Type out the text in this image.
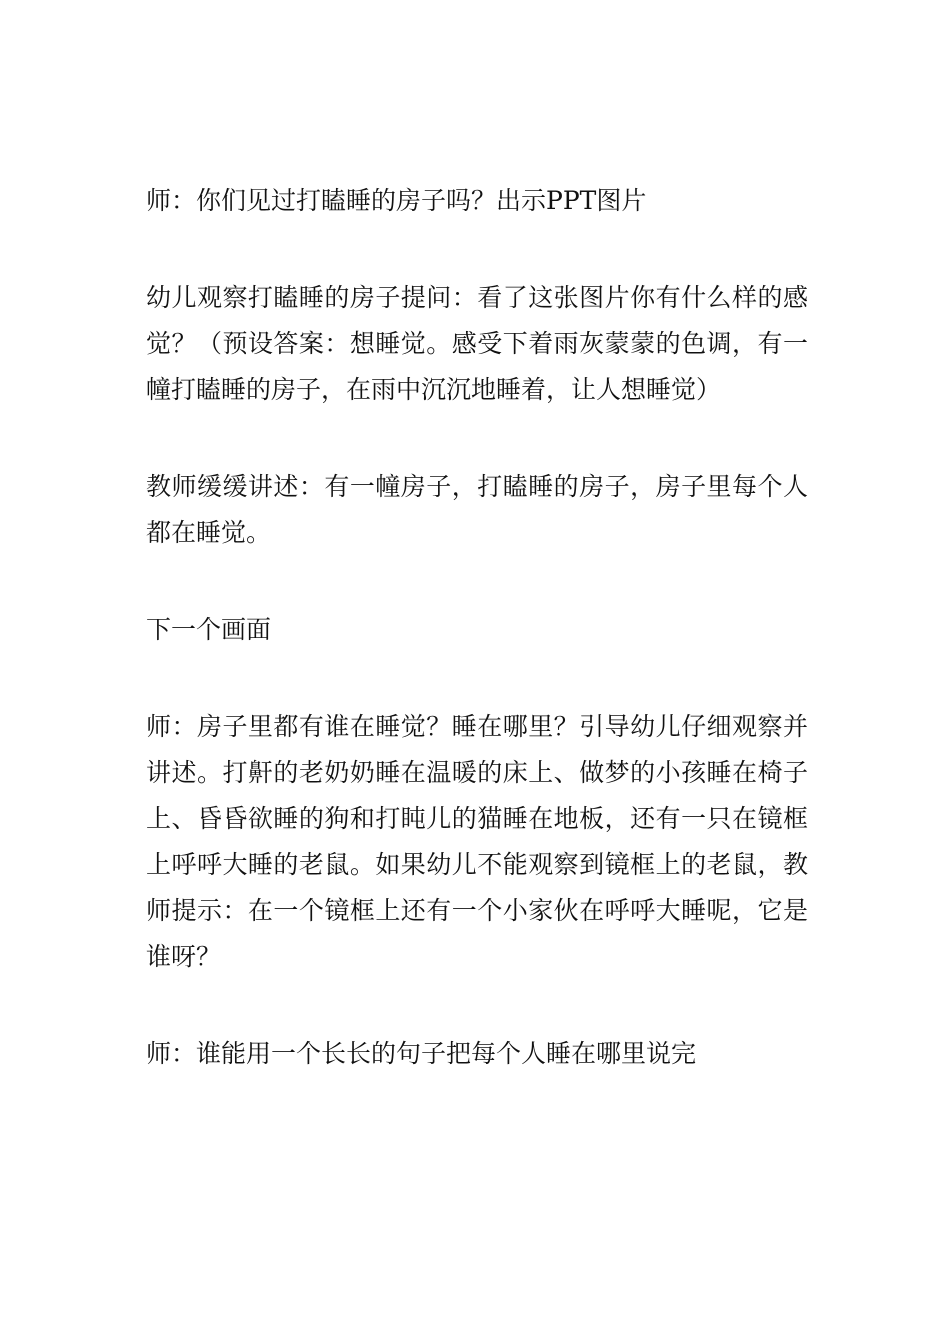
师：你们见过打瞌睡的房子吗？出示PPT图片

幼儿观察打瞌睡的房子提问：看了这张图片你有什么样的感觉？（预设答案：想睡觉。感受下着雨灰蒙蒙的色调，有一幢打瞌睡的房子，在雨中沉沉地睡着，让人想睡觉）

教师缓缓讲述：有一幢房子，打瞌睡的房子，房子里每个人都在睡觉。

下一个画面

师：房子里都有谁在睡觉？睡在哪里？引导幼儿仔细观察并讲述。打鼾的老奶奶睡在温暖的床上、做梦的小孩睡在椅子上、昏昏欲睡的狗和打盹儿的猫睡在地板，还有一只在镜框上呼呼大睡的老鼠。如果幼儿不能观察到镜框上的老鼠，教师提示：在一个镜框上还有一个小家伙在呼呼大睡呢，它是谁呀？

师：谁能用一个长长的句子把每个人睡在哪里说完
